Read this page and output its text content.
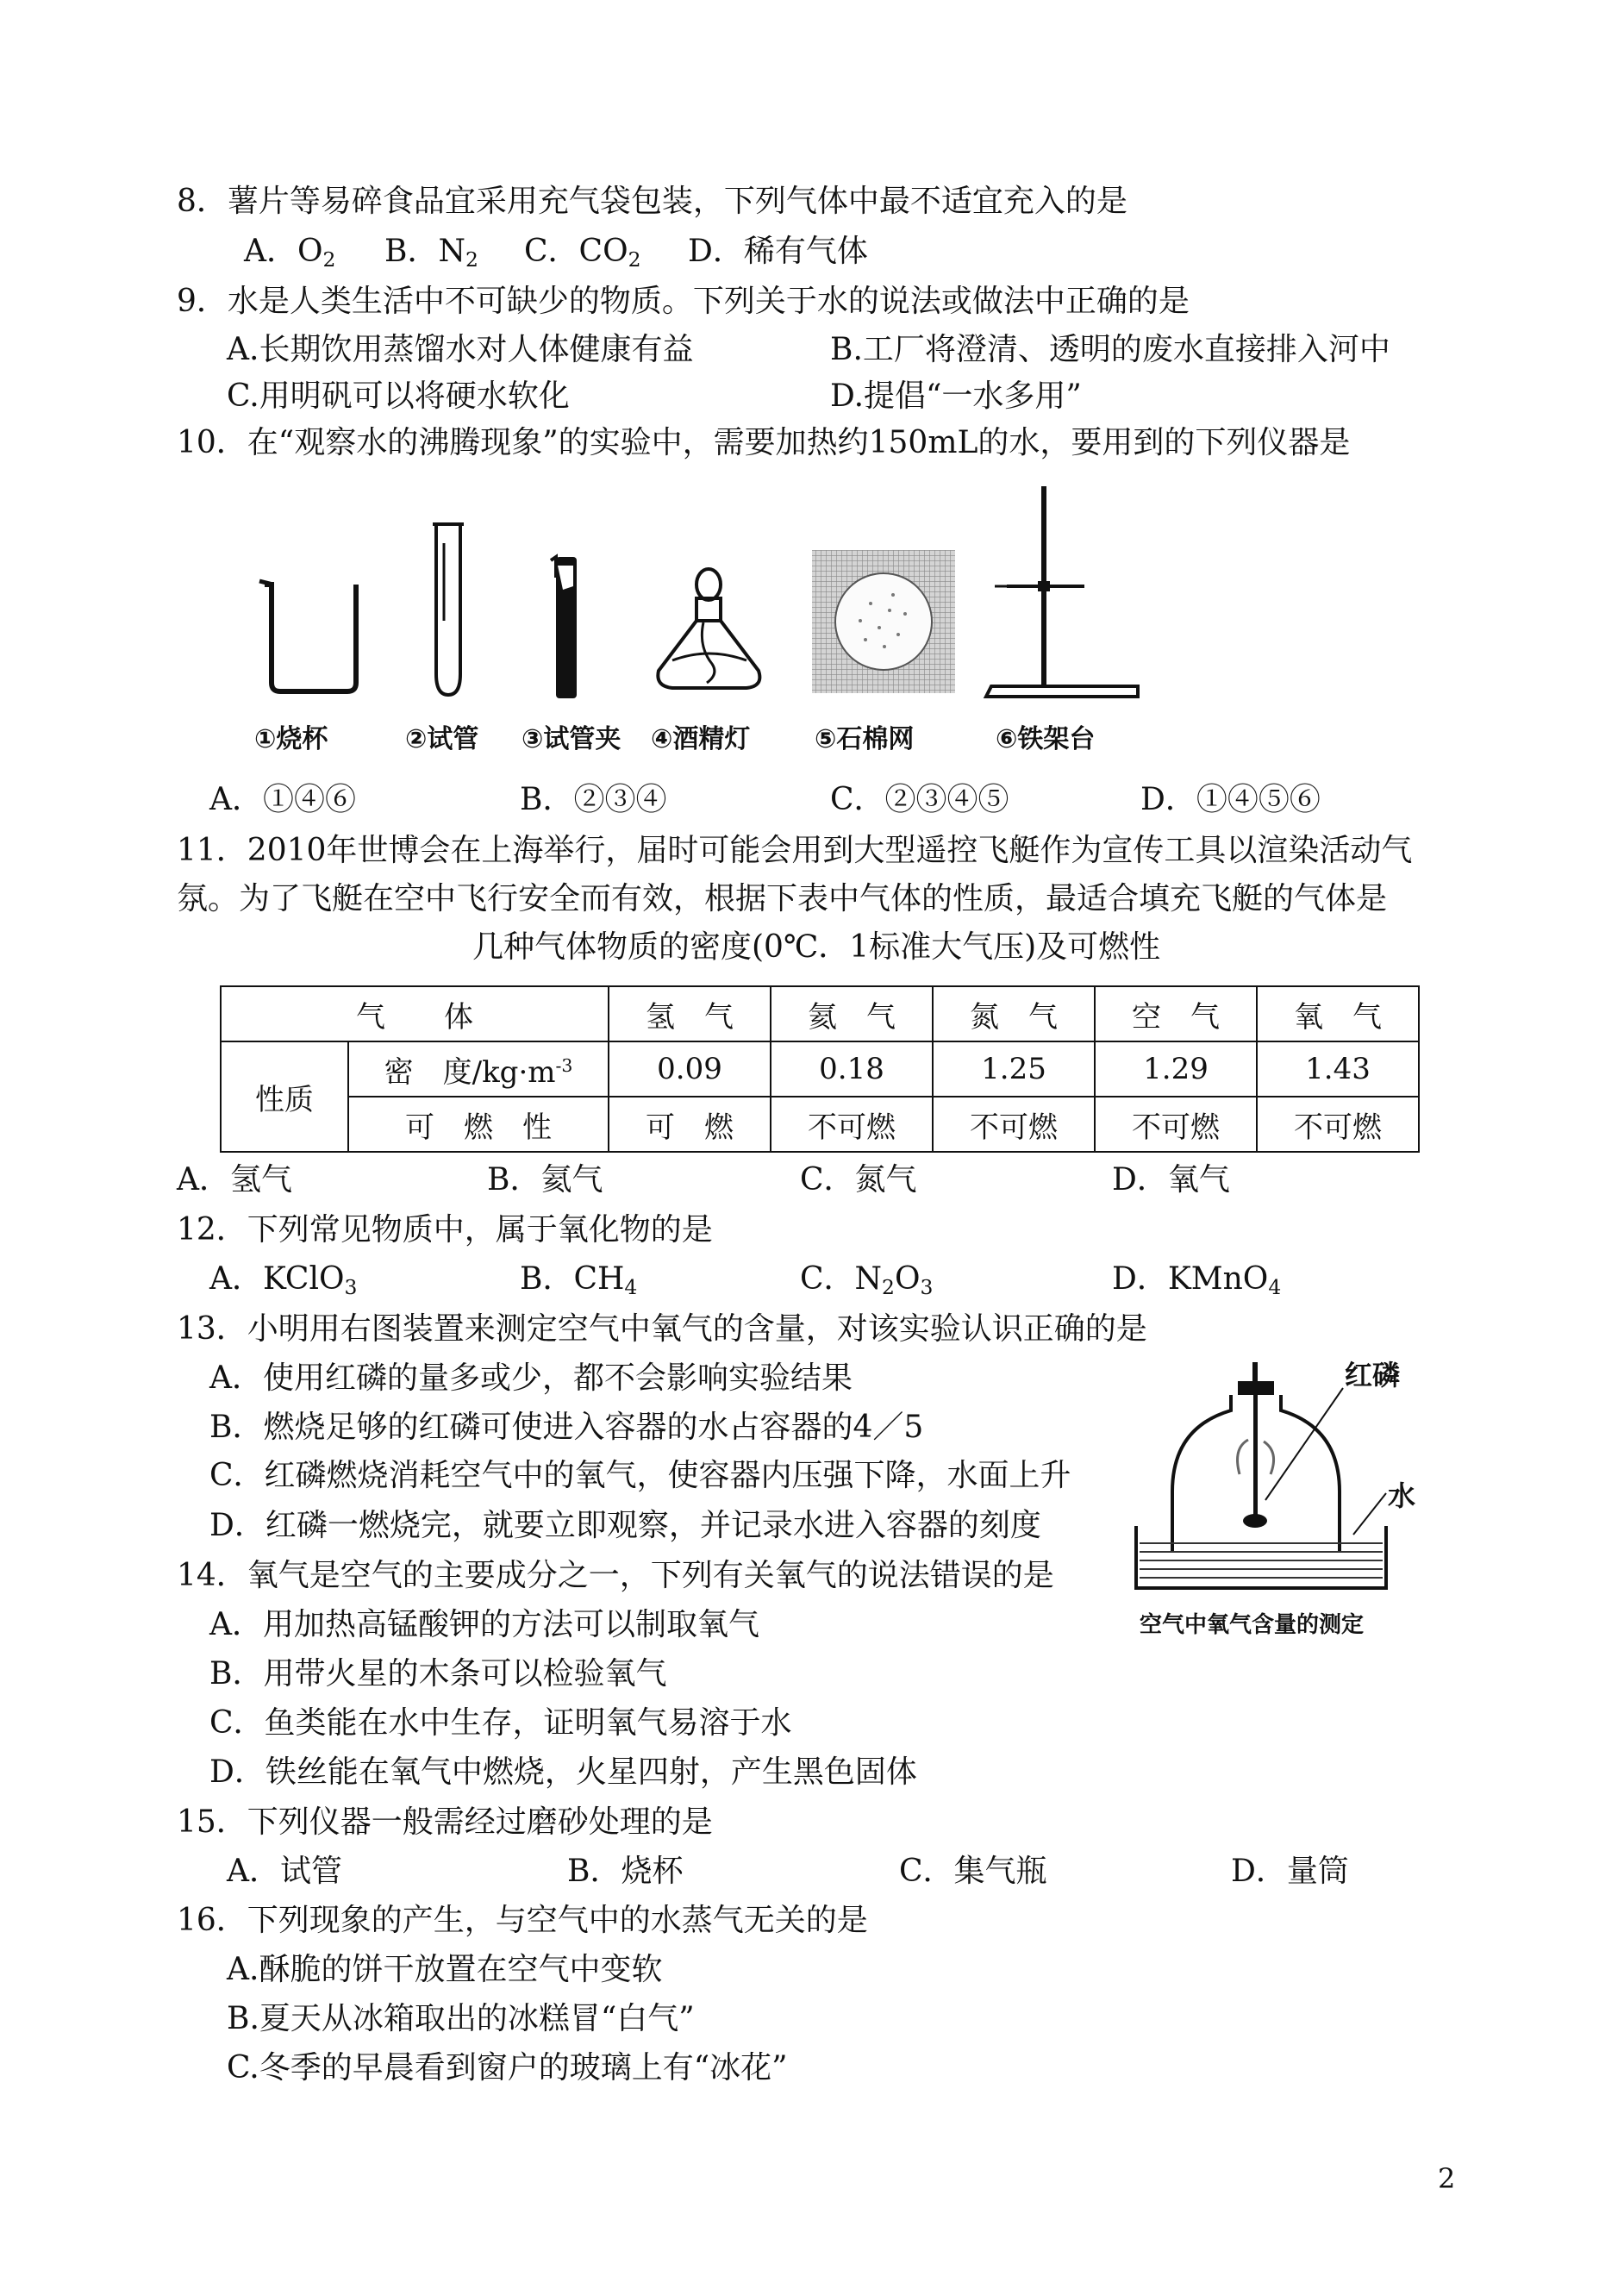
8．薯片等易碎食品宜采用充气袋包装，下列气体中最不适宜充入的是
A．$O_2$ B．$N_2$ C．$CO_2$ D．稀有气体
9．水是人类生活中不可缺少的物质。下列关于水的说法或做法中正确的是
A.长期饮用蒸馏水对人体健康有益	B.工厂将澄清、透明的废水直接排入河中
C.用明矾可以将硬水软化	D.提倡“一水多用”
10．在“观察水的沸腾现象”的实验中，需要加热约150mL的水，要用到的下列仪器是
①烧杯	②试管 ③试管夹 ④酒精灯 ⑤石棉网	⑥铁架台
A．①④⑥	B．②③④	C．②③④⑤	D．①④⑤⑥
11．2010年世博会在上海举行，届时可能会用到大型遥控飞艇作为宣传工具以渲染活动气
氛。为了飞艇在空中飞行安全而有效，根据下表中气体的性质，最适合填充飞艇的气体是
几种气体物质的密度(0℃．1标准大气压)及可燃性
气　　体		氢　气	氦　气	氮　气	空　气	氧　气
性质	密　度$/kg\cdot m^{-3}$	0.09	0.18	1.25	1.29	1.43
	可　燃　性	可　燃	不可燃	不可燃	不可燃	不可燃
A．氢气	B．氦气	C．氮气	D．氧气
12．下列常见物质中，属于氧化物的是
A．KClO$_3$	B．$CH_4$	C．$N_2O_3$	D．KMnO$_4$
13．小明用右图装置来测定空气中氧气的含量，对该实验认识正确的是
A．使用红磷的量多或少，都不会影响实验结果
B．燃烧足够的红磷可使进入容器的水占容器的4／5
C．红磷燃烧消耗空气中的氧气，使容器内压强下降，水面上升
D．红磷一燃烧完，就要立即观察，并记录水进入容器的刻度
红磷
水
空气中氧气含量的测定
14．氧气是空气的主要成分之一，下列有关氧气的说法错误的是
A．用加热高锰酸钾的方法可以制取氧气
B．用带火星的木条可以检验氧气
C．鱼类能在水中生存，证明氧气易溶于水
D．铁丝能在氧气中燃烧，火星四射，产生黑色固体
15．下列仪器一般需经过磨砂处理的是
A．试管	B．烧杯	C．集气瓶	D．量筒
16．下列现象的产生，与空气中的水蒸气无关的是
A.酥脆的饼干放置在空气中变软
B.夏天从冰箱取出的冰糕冒“白气”
C.冬季的早晨看到窗户的玻璃上有“冰花”
2
